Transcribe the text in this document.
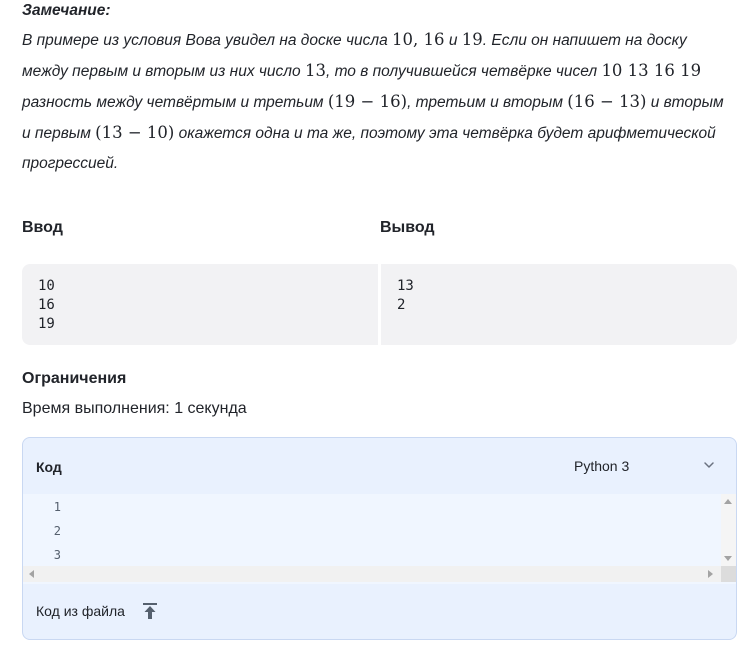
Замечание:
В примере из условия Вова увидел на доске числа 10, 16 и 19. Если он напишет на доску
между первым и вторым из них число 13, то в получившейся четвёрке чисел 10 13 16 19
разность между четвёртым и третьим (19 − 16), третьим и вторым (16 − 13) и вторым
и первым (13 − 10) окажется одна и та же, поэтому эта четвёрка будет арифметической
прогрессией.
Ввод	Вывод
10
16
19
13
2
Ограничения
Время выполнения: 1 секунда
Код	Python 3
1
2
3
Код из файла
